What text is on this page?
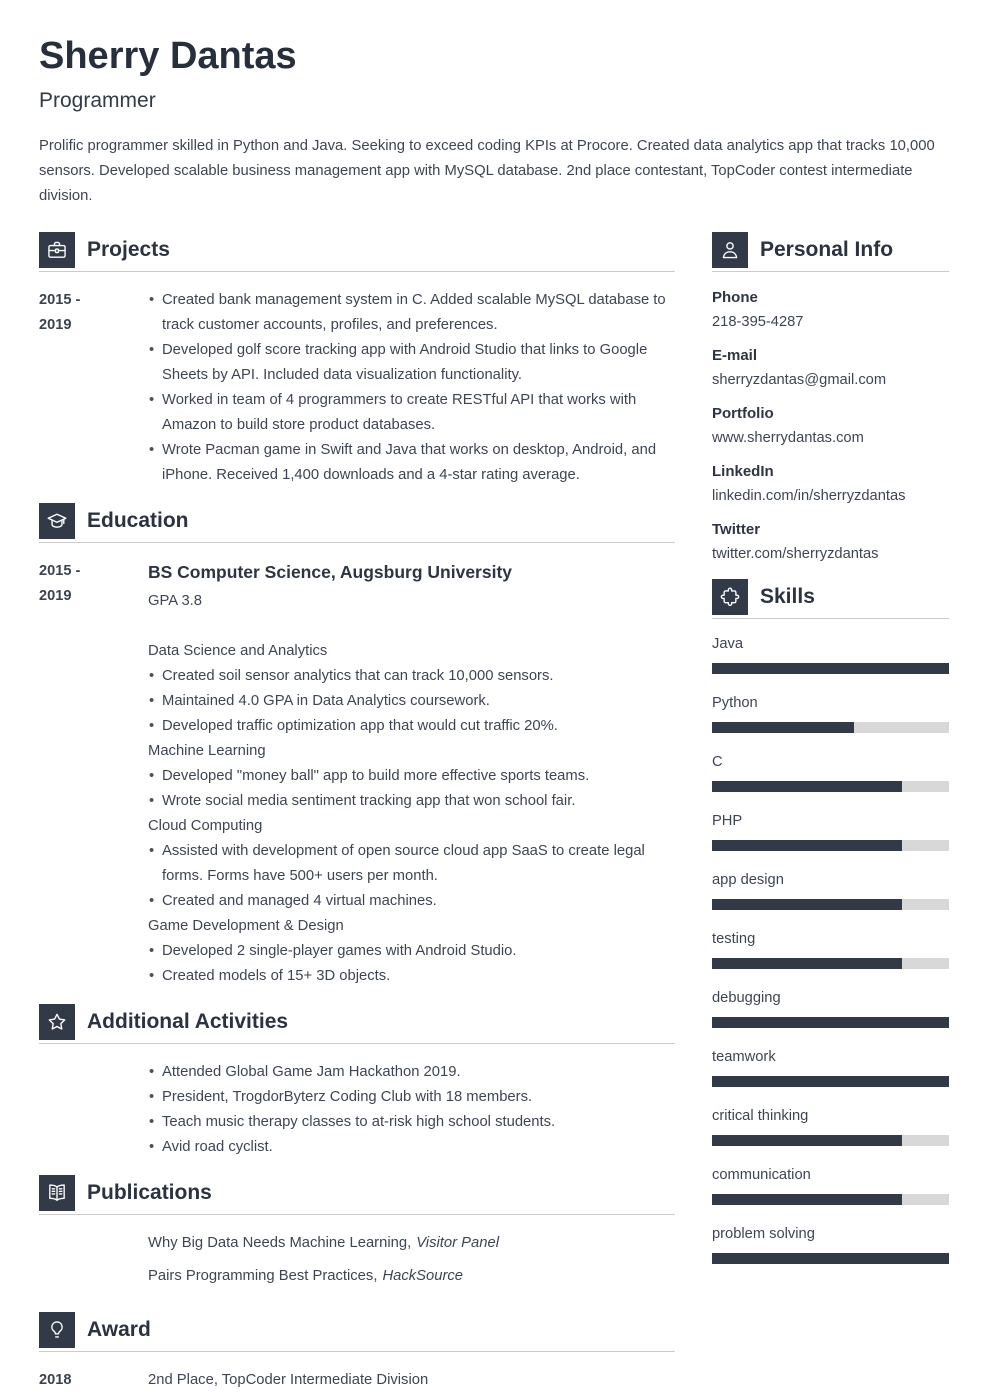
Sherry Dantas
Programmer

Prolific programmer skilled in Python and Java. Seeking to exceed coding KPIs at Procore. Created data analytics app that tracks 10,000 sensors. Developed scalable business management app with MySQL database. 2nd place contestant, TopCoder contest intermediate division.

Projects
2015 -
2019
• Created bank management system in C. Added scalable MySQL database to track customer accounts, profiles, and preferences.
• Developed golf score tracking app with Android Studio that links to Google Sheets by API. Included data visualization functionality.
• Worked in team of 4 programmers to create RESTful API that works with Amazon to build store product databases.
• Wrote Pacman game in Swift and Java that works on desktop, Android, and iPhone. Received 1,400 downloads and a 4-star rating average.
Education
2015 -
2019
BS Computer Science, Augsburg University
GPA 3.8
Data Science and Analytics
• Created soil sensor analytics that can track 10,000 sensors.
• Maintained 4.0 GPA in Data Analytics coursework.
• Developed traffic optimization app that would cut traffic 20%.
Machine Learning
• Developed "money ball" app to build more effective sports teams.
• Wrote social media sentiment tracking app that won school fair.
Cloud Computing
• Assisted with development of open source cloud app SaaS to create legal forms. Forms have 500+ users per month.
• Created and managed 4 virtual machines.
Game Development & Design
• Developed 2 single-player games with Android Studio.
• Created models of 15+ 3D objects.
Additional Activities
• Attended Global Game Jam Hackathon 2019.
• President, TrogdorByterz Coding Club with 18 members.
• Teach music therapy classes to at-risk high school students.
• Avid road cyclist.
Publications
Why Big Data Needs Machine Learning, Visitor Panel
Pairs Programming Best Practices, HackSource
Award
2018	2nd Place, TopCoder Intermediate Division
Personal Info
Phone
218-395-4287
E-mail
sherryzdantas@gmail.com
Portfolio
www.sherrydantas.com
LinkedIn
linkedin.com/in/sherryzdantas
Twitter
twitter.com/sherryzdantas
Skills
Java
Python
C
PHP
app design
testing
debugging
teamwork
critical thinking
communication
problem solving
